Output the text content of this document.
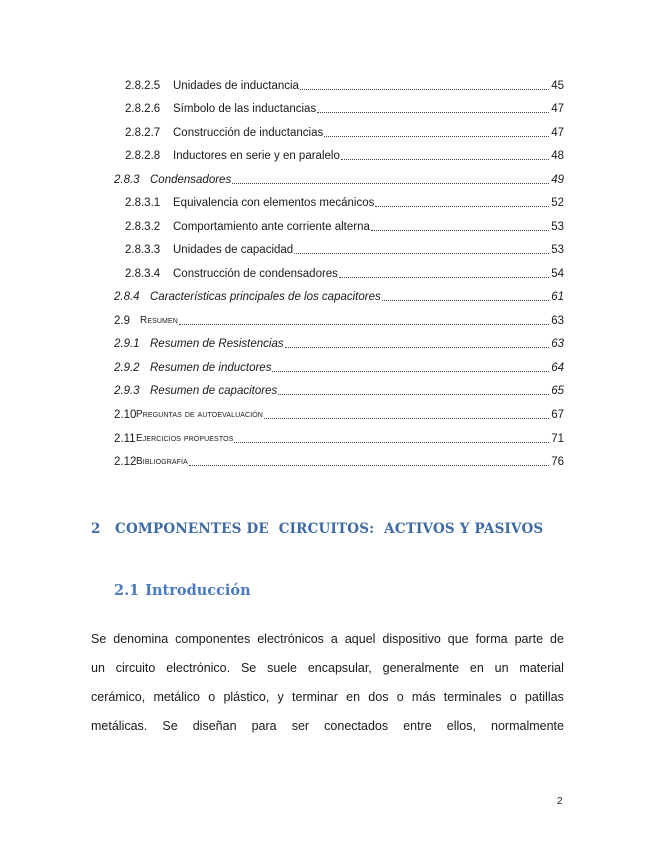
2.8.2.5	Unidades de inductancia	45
2.8.2.6	Símbolo de las inductancias	47
2.8.2.7	Construcción de inductancias	47
2.8.2.8	Inductores en serie y en paralelo	48
2.8.3 Condensadores	49
2.8.3.1	Equivalencia con elementos mecánicos	52
2.8.3.2	Comportamiento ante corriente alterna	53
2.8.3.3	Unidades de capacidad	53
2.8.3.4	Construcción de condensadores	54
2.8.4 Características principales de los capacitores	61
2.9	Resumen	63
2.9.1 Resumen de Resistencias	63
2.9.2 Resumen de inductores	64
2.9.3 Resumen de capacitores	65
2.10 Preguntas de autoevaluación	67
2.11 Ejercicios propuestos	71
2.12 Bibliografía	76
2 COMPONENTES DE  CIRCUITOS:  ACTIVOS Y PASIVOS
2.1 Introducción
Se denomina componentes electrónicos a aquel dispositivo que forma parte de
un circuito electrónico. Se suele encapsular, generalmente en un material
cerámico, metálico o plástico, y terminar en dos o más terminales o patillas
metálicas. Se diseñan para ser conectados entre ellos, normalmente
2
